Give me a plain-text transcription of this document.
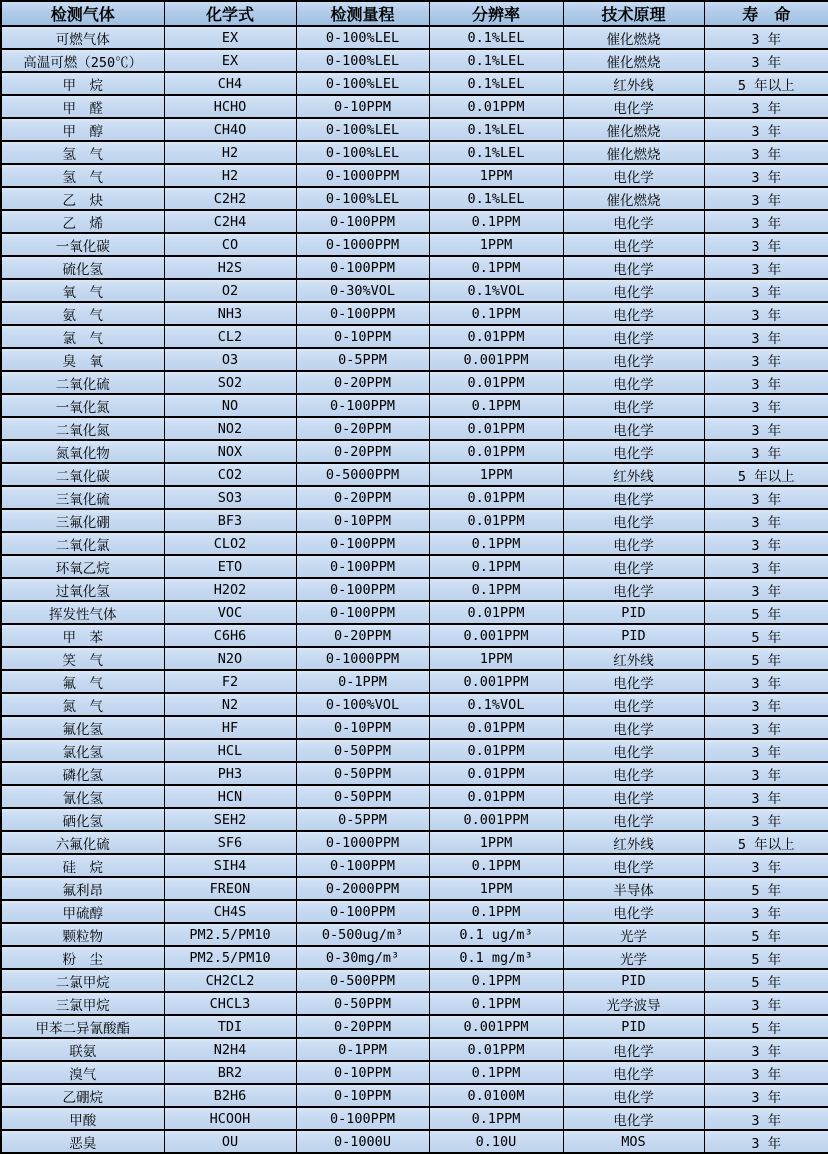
检测气体	化学式	检测量程	分辨率	技术原理	寿　命
可燃气体	EX	0-100%LEL	0.1%LEL	催化燃烧	3 年
高温可燃（250℃）	EX	0-100%LEL	0.1%LEL	催化燃烧	3 年
甲　烷	CH4	0-100%LEL	0.1%LEL	红外线	5 年以上
甲　醛	HCHO	0-10PPM	0.01PPM	电化学	3 年
甲　醇	CH4O	0-100%LEL	0.1%LEL	催化燃烧	3 年
氢　气	H2	0-100%LEL	0.1%LEL	催化燃烧	3 年
氢　气	H2	0-1000PPM	1PPM	电化学	3 年
乙　炔	C2H2	0-100%LEL	0.1%LEL	催化燃烧	3 年
乙　烯	C2H4	0-100PPM	0.1PPM	电化学	3 年
一氧化碳	CO	0-1000PPM	1PPM	电化学	3 年
硫化氢	H2S	0-100PPM	0.1PPM	电化学	3 年
氧　气	O2	0-30%VOL	0.1%VOL	电化学	3 年
氨　气	NH3	0-100PPM	0.1PPM	电化学	3 年
氯　气	CL2	0-10PPM	0.01PPM	电化学	3 年
臭　氧	O3	0-5PPM	0.001PPM	电化学	3 年
二氧化硫	SO2	0-20PPM	0.01PPM	电化学	3 年
一氧化氮	NO	0-100PPM	0.1PPM	电化学	3 年
二氧化氮	NO2	0-20PPM	0.01PPM	电化学	3 年
氮氧化物	NOX	0-20PPM	0.01PPM	电化学	3 年
二氧化碳	CO2	0-5000PPM	1PPM	红外线	5 年以上
三氧化硫	SO3	0-20PPM	0.01PPM	电化学	3 年
三氟化硼	BF3	0-10PPM	0.01PPM	电化学	3 年
二氧化氯	CLO2	0-100PPM	0.1PPM	电化学	3 年
环氧乙烷	ETO	0-100PPM	0.1PPM	电化学	3 年
过氧化氢	H2O2	0-100PPM	0.1PPM	电化学	3 年
挥发性气体	VOC	0-100PPM	0.01PPM	PID	5 年
甲　苯	C6H6	0-20PPM	0.001PPM	PID	5 年
笑　气	N2O	0-1000PPM	1PPM	红外线	5 年
氟　气	F2	0-1PPM	0.001PPM	电化学	3 年
氮　气	N2	0-100%VOL	0.1%VOL	电化学	3 年
氟化氢	HF	0-10PPM	0.01PPM	电化学	3 年
氯化氢	HCL	0-50PPM	0.01PPM	电化学	3 年
磷化氢	PH3	0-50PPM	0.01PPM	电化学	3 年
氰化氢	HCN	0-50PPM	0.01PPM	电化学	3 年
硒化氢	SEH2	0-5PPM	0.001PPM	电化学	3 年
六氟化硫	SF6	0-1000PPM	1PPM	红外线	5 年以上
硅　烷	SIH4	0-100PPM	0.1PPM	电化学	3 年
氟利昂	FREON	0-2000PPM	1PPM	半导体	5 年
甲硫醇	CH4S	0-100PPM	0.1PPM	电化学	3 年
颗粒物	PM2.5/PM10	0-500ug/m³	0.1 ug/m³	光学	5 年
粉　尘	PM2.5/PM10	0-30mg/m³	0.1 mg/m³	光学	5 年
二氯甲烷	CH2CL2	0-500PPM	0.1PPM	PID	5 年
三氯甲烷	CHCL3	0-50PPM	0.1PPM	光学波导	3 年
甲苯二异氰酸酯	TDI	0-20PPM	0.001PPM	PID	5 年
联氨	N2H4	0-1PPM	0.01PPM	电化学	3 年
溴气	BR2	0-10PPM	0.1PPM	电化学	3 年
乙硼烷	B2H6	0-10PPM	0.0100M	电化学	3 年
甲酸	HCOOH	0-100PPM	0.1PPM	电化学	3 年
恶臭	OU	0-1000U	0.10U	MOS	3 年
